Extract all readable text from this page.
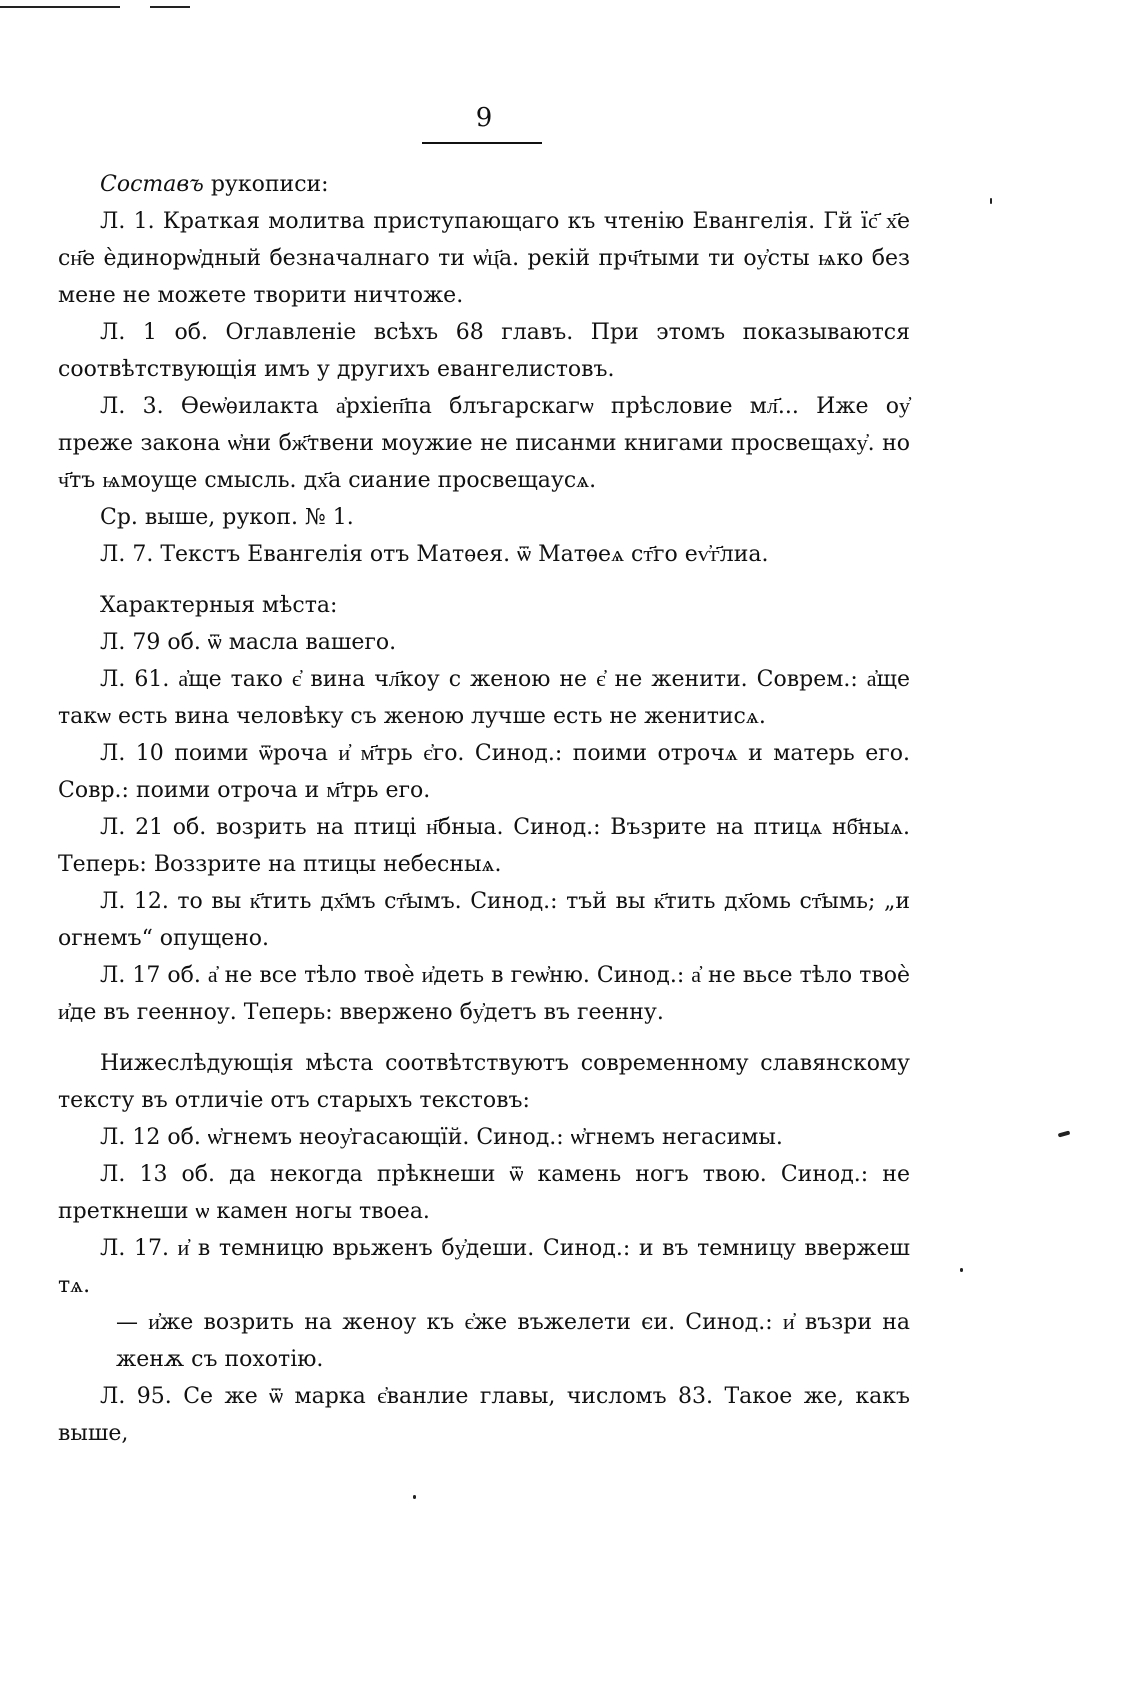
9

Составъ рукописи:

Л. 1. Краткая молитва приступающаго къ чтенію Евангелія. Гй їс҃ х҃е сн҃е ѐдинорѡ҆дный безначалнаго ти ѡ҆ц҃а. рекій прч҃тыми ти оу҆сты ѩко без мене не можете творити ничтоже.

Л. 1 об. Оглавленіе всѣхъ 68 главъ. При этомъ показываются соотвѣтствующія имъ у другихъ евангелистовъ.

Л. 3. Ѳеѡ҆ѳилакта а҆рхіеп҃па блъгарскагѡ прѣсловие мл҃... Иже оу҆ преже закона ѡ҆ни бж҃твени моужие не писанми книгами просвещаху҆. но ч҃тъ ѩмоуще смысль. дх҃а сиание просвещаусѧ.

Ср. выше, рукоп. № 1.

Л. 7. Текстъ Евангелія отъ Матѳея. ѿ Матѳеѧ ст҃го еѵ҆г҃лиа.

Характерныя мѣста:

Л. 79 об. ѿ масла вашего.

Л. 61. а҆ще тако є҆ вина чл҃коу с женою не є҆ не женити. Соврем.: а҆ще такѡ есть вина человѣку съ женою лучше есть не женитисѧ.

Л. 10 поими ѿроча и҆ м҃трь є҆го. Синод.: поими отрочѧ и матерь его. Совр.: поими отроча и м҃трь его.

Л. 21 об. возрить на птиці н҃бныа. Синод.: Възрите на птицѧ нб҃ныѧ. Теперь: Воззрите на птицы небесныѧ.

Л. 12. то вы к҃тить дх҃мъ ст҃ымъ. Синод.: тъй вы к҃тить дх҃омь ст҃ымь; „и огнемъ“ опущено.

Л. 17 об. а҆ не все тѣло твоѐ и҆деть в геѡ҆ню. Синод.: а҆ не вьсе тѣло твоѐ и҆де въ геенноу. Теперь: ввержено бу҆детъ въ геенну.

Нижеслѣдующія мѣста соотвѣтствуютъ современному славянскому тексту въ отличіе отъ старыхъ текстовъ:

Л. 12 об. ѡ҆гнемъ неоу҆гасающїй. Синод.: ѡ҆гнемъ негасимы.

Л. 13 об. да некогда прѣкнеши ѿ камень ногъ твою. Синод.: не преткнеши ѡ камен ногы твоеа.

Л. 17. и҆ в темницю врьженъ бу҆деши. Синод.: и въ темницу ввержеш тѧ.

— и҆же возрить на женоу къ є҆же въжелети єи. Синод.: и҆ възри на женѫ съ похотію.

Л. 95. Се же ѿ марка є҆ванлие главы, числомъ 83. Такое же, какъ выше,
